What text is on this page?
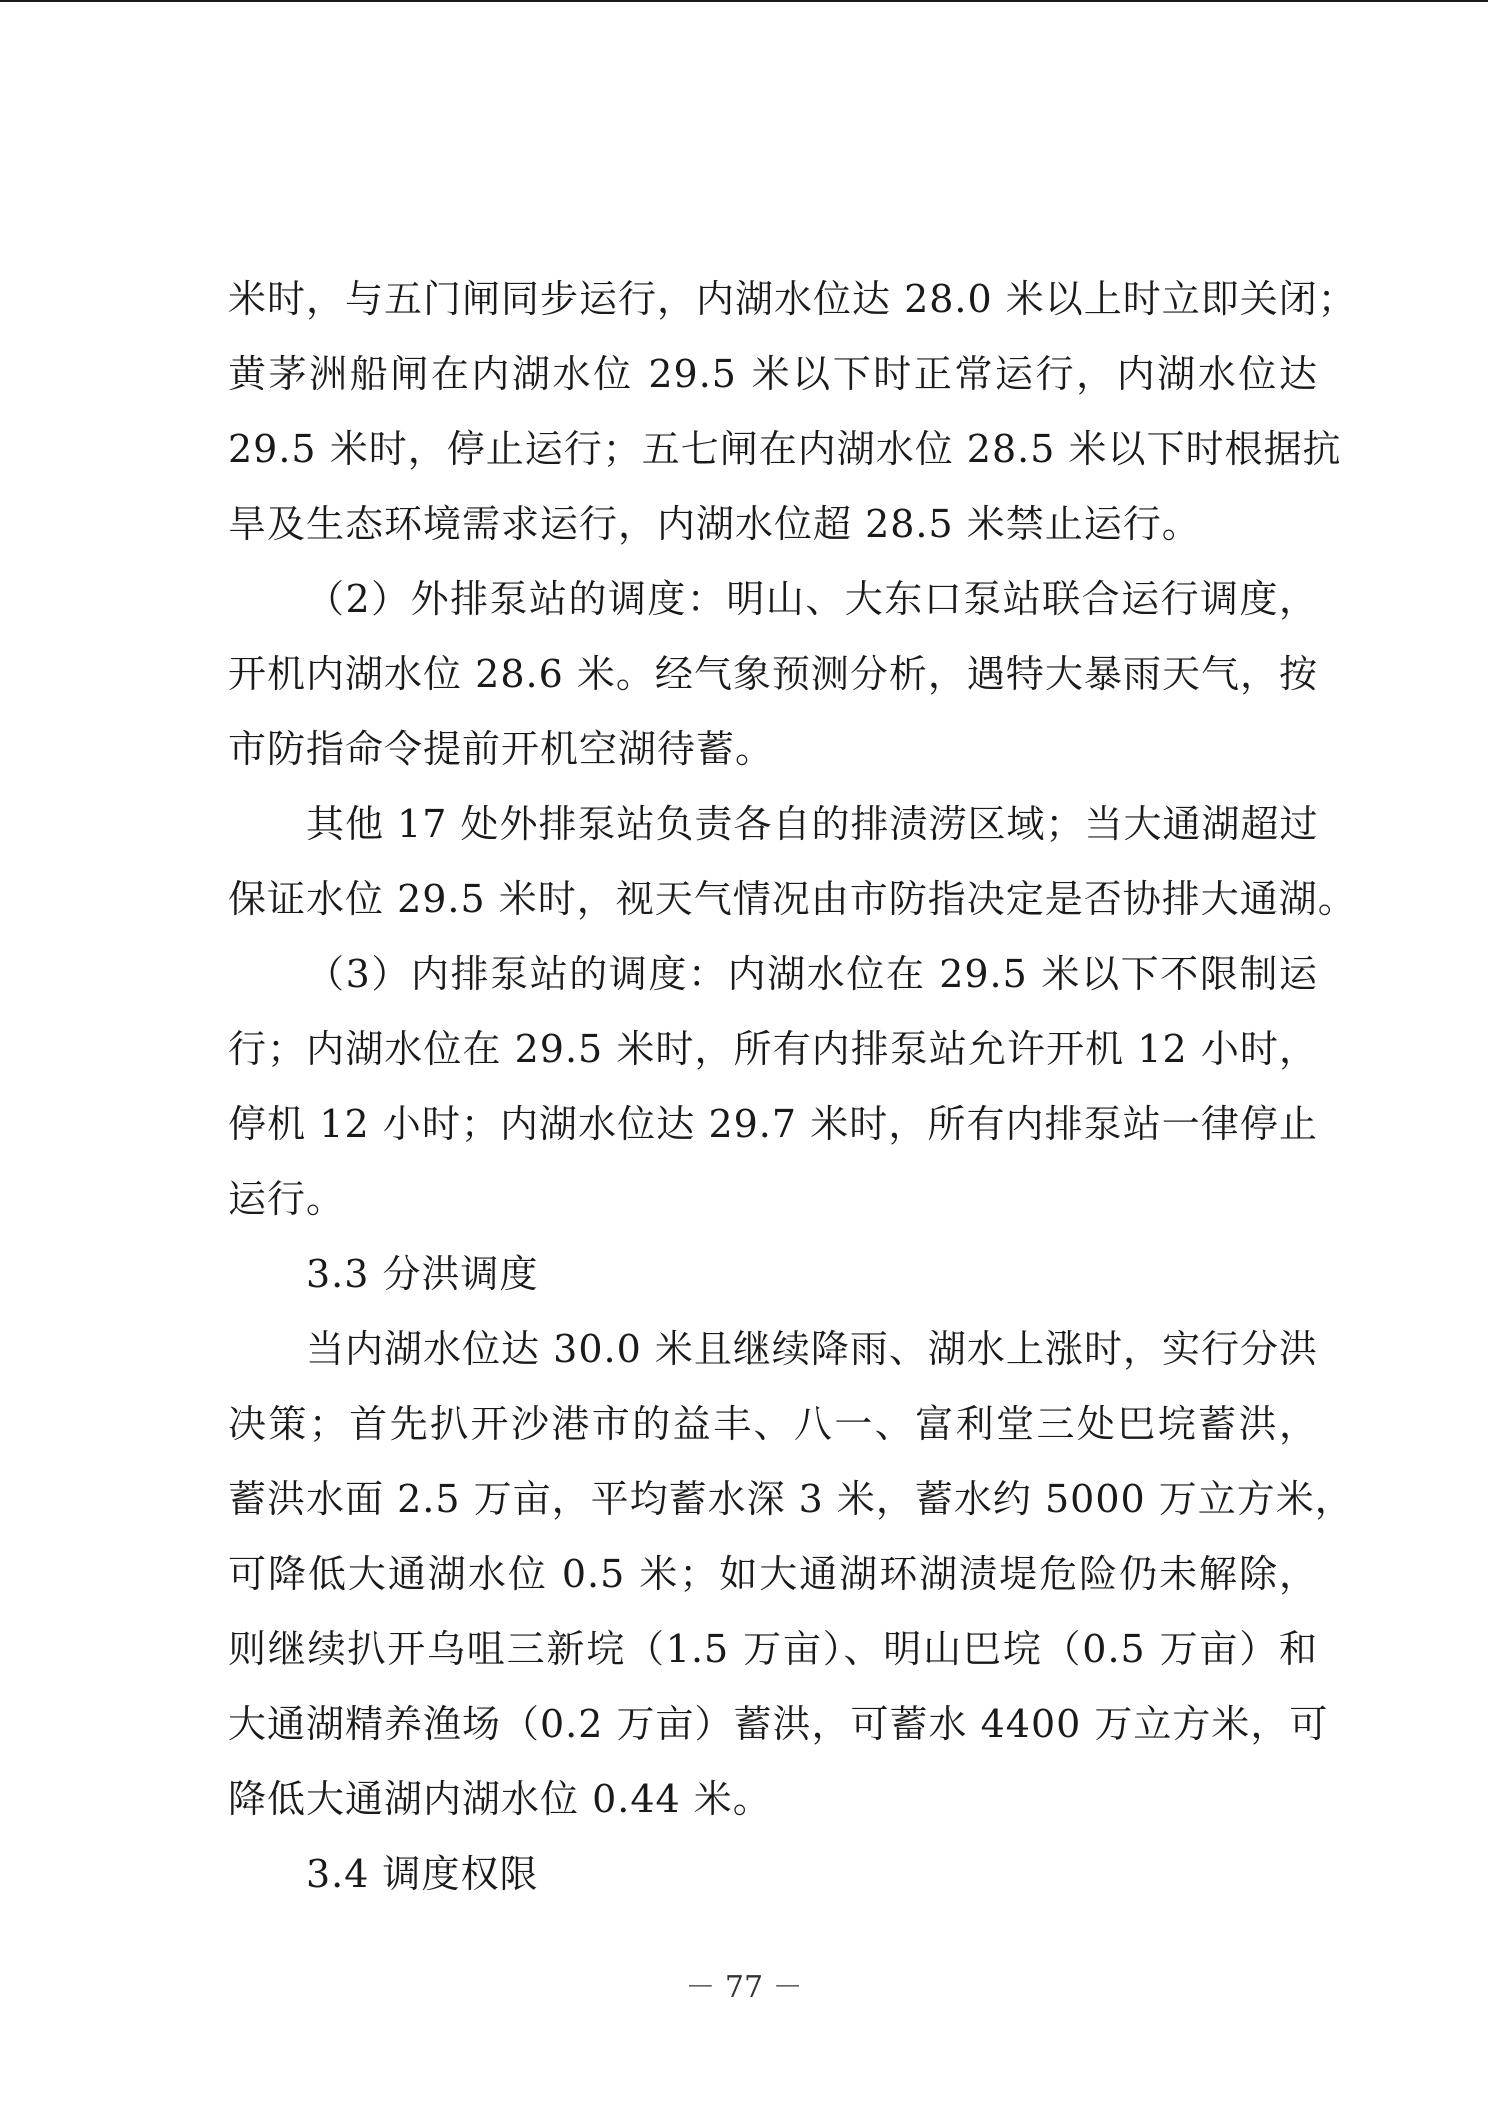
米时，与五门闸同步运行，内湖水位达 28.0 米以上时立即关闭；
黄茅洲船闸在内湖水位 29.5 米以下时正常运行，内湖水位达
29.5 米时，停止运行；五七闸在内湖水位 28.5 米以下时根据抗
旱及生态环境需求运行，内湖水位超 28.5 米禁止运行。
（2）外排泵站的调度：明山、大东口泵站联合运行调度，
开机内湖水位 28.6 米。经气象预测分析，遇特大暴雨天气，按
市防指命令提前开机空湖待蓄。
其他 17 处外排泵站负责各自的排渍涝区域；当大通湖超过
保证水位 29.5 米时，视天气情况由市防指决定是否协排大通湖。
（3）内排泵站的调度：内湖水位在 29.5 米以下不限制运
行；内湖水位在 29.5 米时，所有内排泵站允许开机 12 小时，
停机 12 小时；内湖水位达 29.7 米时，所有内排泵站一律停止
运行。
3.3 分洪调度
当内湖水位达 30.0 米且继续降雨、湖水上涨时，实行分洪
决策；首先扒开沙港市的益丰、八一、富利堂三处巴垸蓄洪，
蓄洪水面 2.5 万亩，平均蓄水深 3 米，蓄水约 5000 万立方米，
可降低大通湖水位 0.5 米；如大通湖环湖渍堤危险仍未解除，
则继续扒开乌咀三新垸（1.5 万亩）、明山巴垸（0.5 万亩）和
大通湖精养渔场（0.2 万亩）蓄洪，可蓄水 4400 万立方米，可
降低大通湖内湖水位 0.44 米。
3.4 调度权限
－ 77 －
